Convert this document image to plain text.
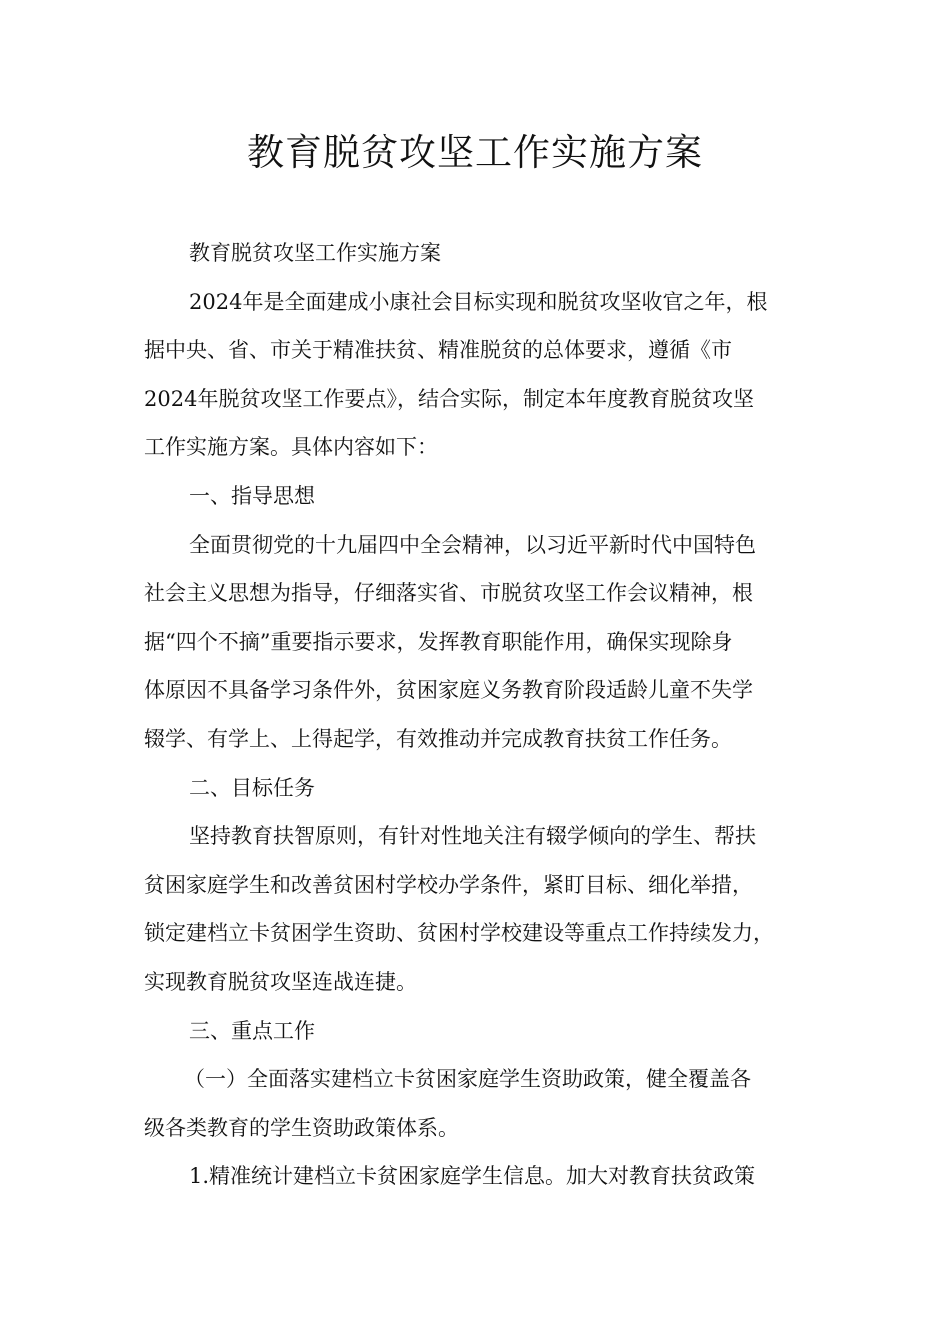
教育脱贫攻坚工作实施方案

教育脱贫攻坚工作实施方案

2024年是全面建成小康社会目标实现和脱贫攻坚收官之年，根

据中央、省、市关于精准扶贫、精准脱贫的总体要求，遵循《市

2024年脱贫攻坚工作要点》，结合实际，制定本年度教育脱贫攻坚

工作实施方案。具体内容如下：

一、指导思想

全面贯彻党的十九届四中全会精神，以习近平新时代中国特色

社会主义思想为指导，仔细落实省、市脱贫攻坚工作会议精神，根

据“四个不摘”重要指示要求，发挥教育职能作用，确保实现除身

体原因不具备学习条件外，贫困家庭义务教育阶段适龄儿童不失学

辍学、有学上、上得起学，有效推动并完成教育扶贫工作任务。

二、目标任务

坚持教育扶智原则，有针对性地关注有辍学倾向的学生、帮扶

贫困家庭学生和改善贫困村学校办学条件，紧盯目标、细化举措，

锁定建档立卡贫困学生资助、贫困村学校建设等重点工作持续发力，

实现教育脱贫攻坚连战连捷。

三、重点工作

（一）全面落实建档立卡贫困家庭学生资助政策，健全覆盖各

级各类教育的学生资助政策体系。

1.精准统计建档立卡贫困家庭学生信息。加大对教育扶贫政策
